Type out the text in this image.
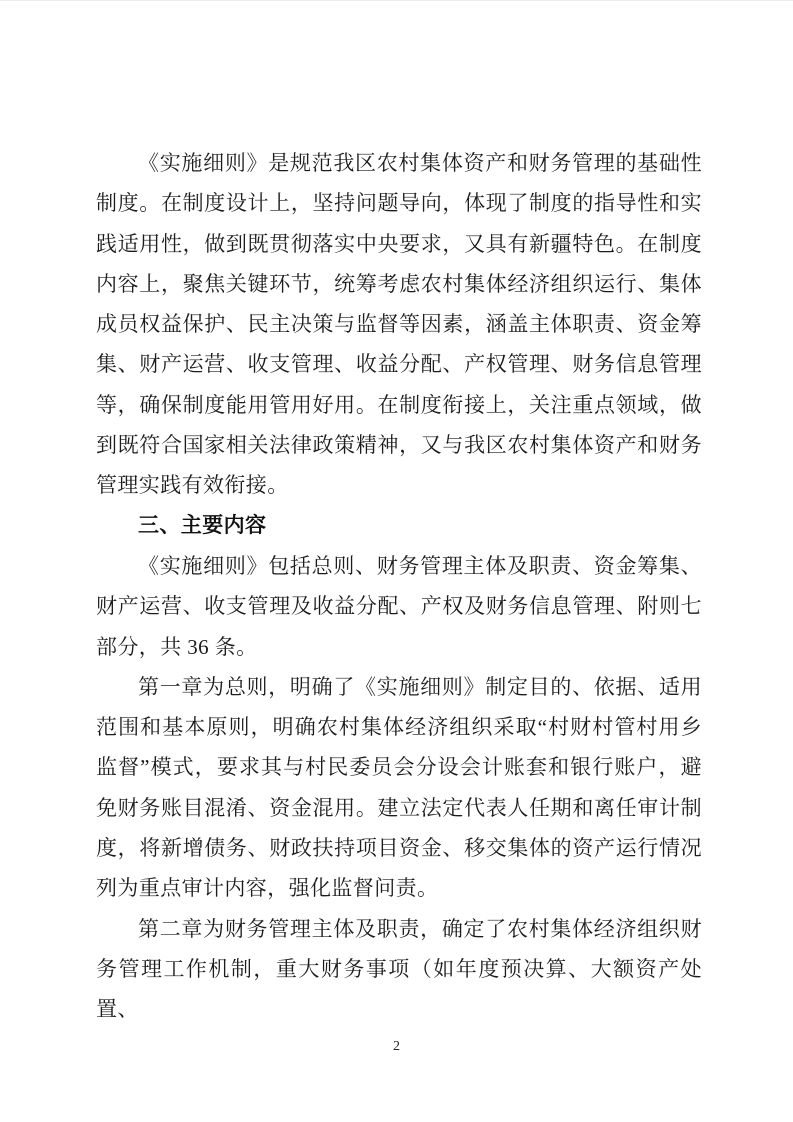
《实施细则》是规范我区农村集体资产和财务管理的基础性制度。在制度设计上，坚持问题导向，体现了制度的指导性和实践适用性，做到既贯彻落实中央要求，又具有新疆特色。在制度内容上，聚焦关键环节，统筹考虑农村集体经济组织运行、集体成员权益保护、民主决策与监督等因素，涵盖主体职责、资金筹集、财产运营、收支管理、收益分配、产权管理、财务信息管理等，确保制度能用管用好用。在制度衔接上，关注重点领域，做到既符合国家相关法律政策精神，又与我区农村集体资产和财务管理实践有效衔接。

三、主要内容

《实施细则》包括总则、财务管理主体及职责、资金筹集、财产运营、收支管理及收益分配、产权及财务信息管理、附则七部分，共 36 条。

第一章为总则，明确了《实施细则》制定目的、依据、适用范围和基本原则，明确农村集体经济组织采取“村财村管村用乡监督”模式，要求其与村民委员会分设会计账套和银行账户，避免财务账目混淆、资金混用。建立法定代表人任期和离任审计制度，将新增债务、财政扶持项目资金、移交集体的资产运行情况列为重点审计内容，强化监督问责。

第二章为财务管理主体及职责，确定了农村集体经济组织财务管理工作机制，重大财务事项（如年度预决算、大额资产处置、

2
